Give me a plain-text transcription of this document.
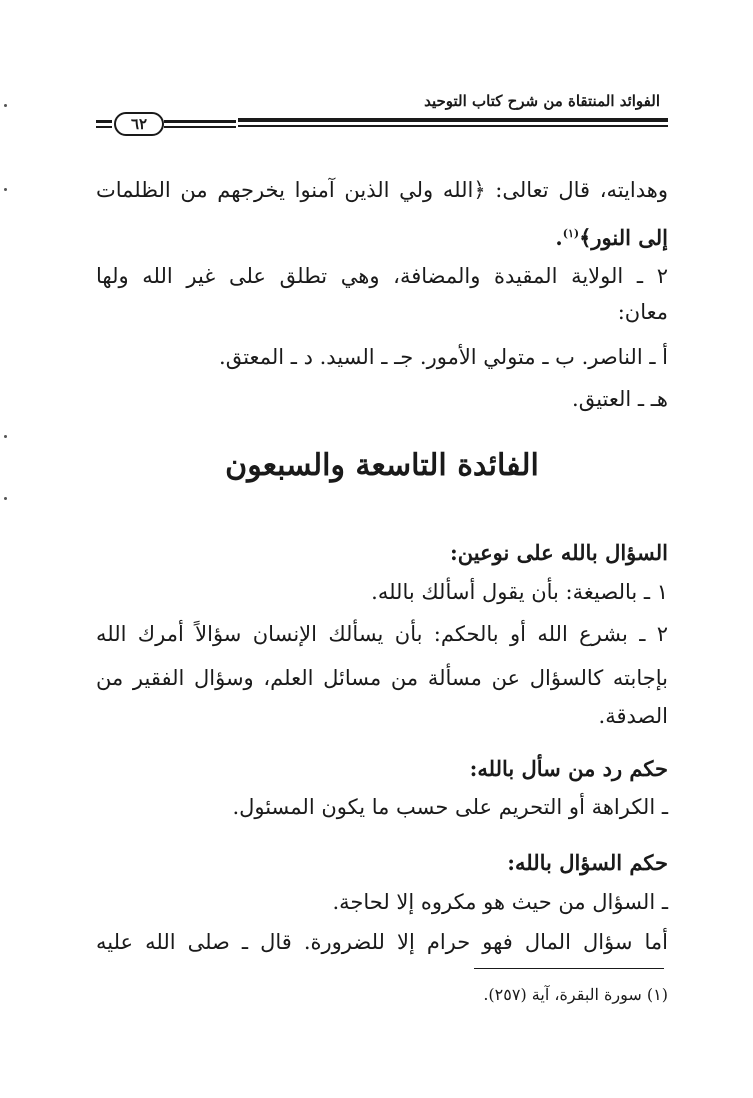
الفوائد المنتقاة من شرح كتاب التوحيد
٦٢
وهدايته، قال تعالى: ﴿الله ولي الذين آمنوا يخرجهم من الظلمات
إلى النور﴾$^{(١)}$.
٢ ـ الولاية المقيدة والمضافة، وهي تطلق على غير الله ولها
معان:
أ ـ الناصر. ب ـ متولي الأمور. جـ ـ السيد. د ـ المعتق.
هـ ـ العتيق.
الفائدة التاسعة والسبعون
السؤال بالله على نوعين:
١ ـ بالصيغة: بأن يقول أسألك بالله.
٢ ـ بشرع الله أو بالحكم: بأن يسألك الإنسان سؤالاً أمرك الله
بإجابته كالسؤال عن مسألة من مسائل العلم، وسؤال الفقير من
الصدقة.
حكم رد من سأل بالله:
ـ الكراهة أو التحريم على حسب ما يكون المسئول.
حكم السؤال بالله:
ـ السؤال من حيث هو مكروه إلا لحاجة.
أما سؤال المال فهو حرام إلا للضرورة. قال ـ صلى الله عليه
(١) سورة البقرة، آية (٢٥٧).
